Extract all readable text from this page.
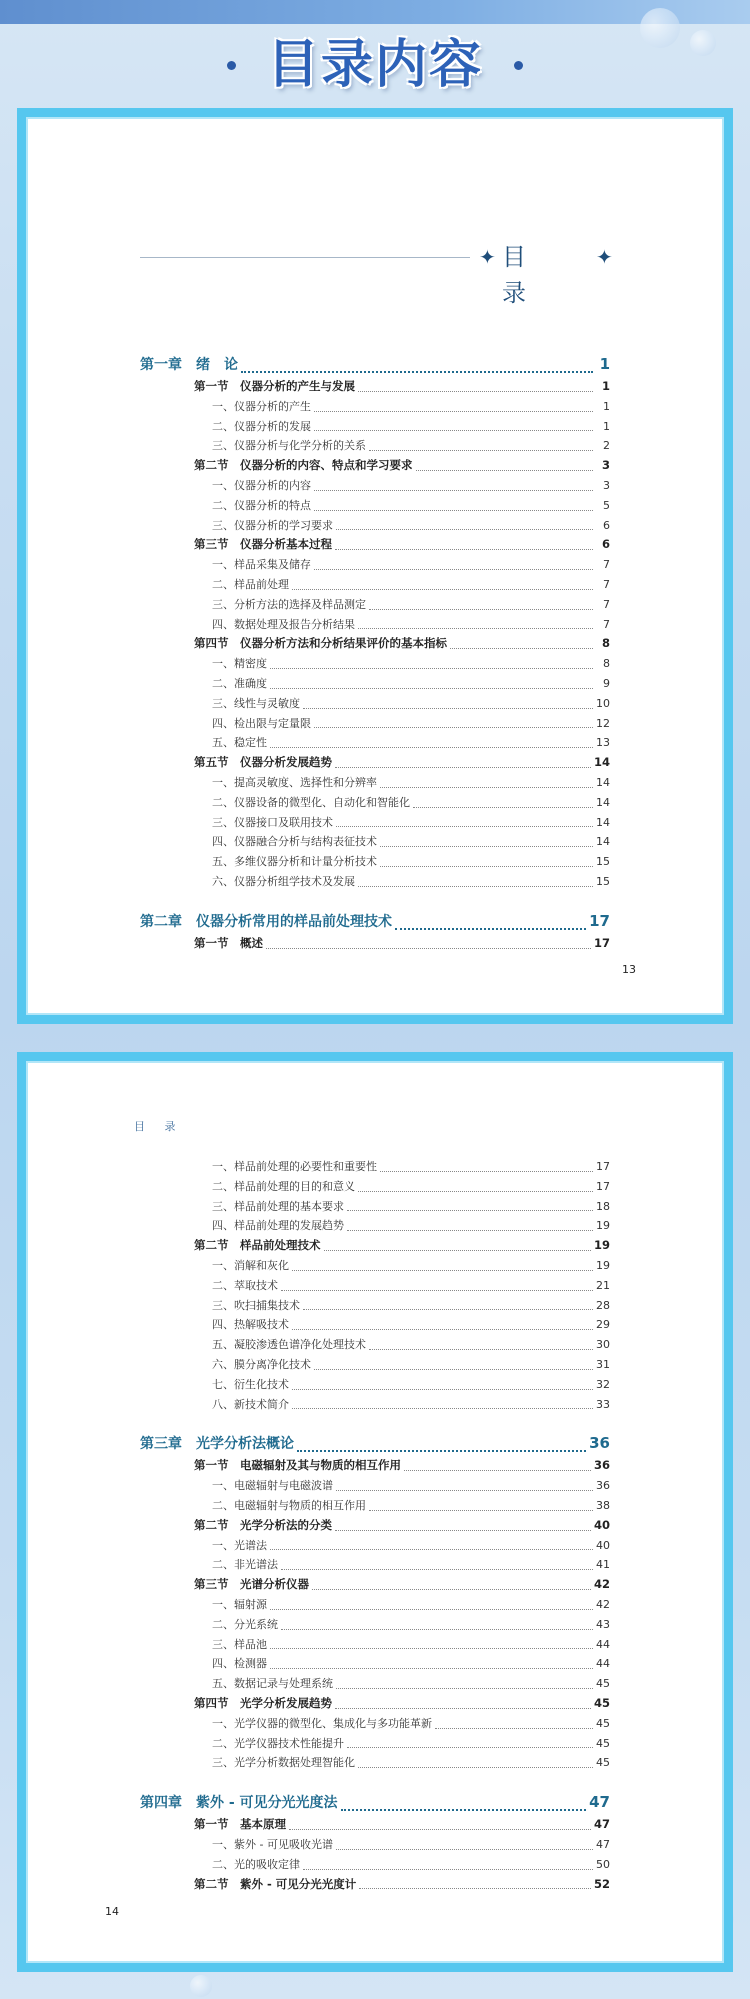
目录内容
✦ 目 录
✦
第一章　绪　论	1
第一节　仪器分析的产生与发展	1
一、仪器分析的产生	1
二、仪器分析的发展	1
三、仪器分析与化学分析的关系	2
第二节　仪器分析的内容、特点和学习要求	3
一、仪器分析的内容	3
二、仪器分析的特点	5
三、仪器分析的学习要求	6
第三节　仪器分析基本过程	6
一、样品采集及储存	7
二、样品前处理	7
三、分析方法的选择及样品测定	7
四、数据处理及报告分析结果	7
第四节　仪器分析方法和分析结果评价的基本指标	8
一、精密度	8
二、准确度	9
三、线性与灵敏度	10
四、检出限与定量限	12
五、稳定性	13
第五节　仪器分析发展趋势	14
一、提高灵敏度、选择性和分辨率	14
二、仪器设备的微型化、自动化和智能化	14
三、仪器接口及联用技术	14
四、仪器融合分析与结构表征技术	14
五、多维仪器分析和计量分析技术	15
六、仪器分析组学技术及发展	15
第二章　仪器分析常用的样品前处理技术	17
第一节　概述	17
13
目 录
一、样品前处理的必要性和重要性	17
二、样品前处理的目的和意义	17
三、样品前处理的基本要求	18
四、样品前处理的发展趋势	19
第二节　样品前处理技术	19
一、消解和灰化	19
二、萃取技术	21
三、吹扫捕集技术	28
四、热解吸技术	29
五、凝胶渗透色谱净化处理技术	30
六、膜分离净化技术	31
七、衍生化技术	32
八、新技术简介	33
第三章　光学分析法概论	36
第一节　电磁辐射及其与物质的相互作用	36
一、电磁辐射与电磁波谱	36
二、电磁辐射与物质的相互作用	38
第二节　光学分析法的分类	40
一、光谱法	40
二、非光谱法	41
第三节　光谱分析仪器	42
一、辐射源	42
二、分光系统	43
三、样品池	44
四、检测器	44
五、数据记录与处理系统	45
第四节　光学分析发展趋势	45
一、光学仪器的微型化、集成化与多功能革新	45
二、光学仪器技术性能提升	45
三、光学分析数据处理智能化	45
第四章　紫外 - 可见分光光度法	47
第一节　基本原理	47
一、紫外 - 可见吸收光谱	47
二、光的吸收定律	50
第二节　紫外 - 可见分光光度计	52
14
